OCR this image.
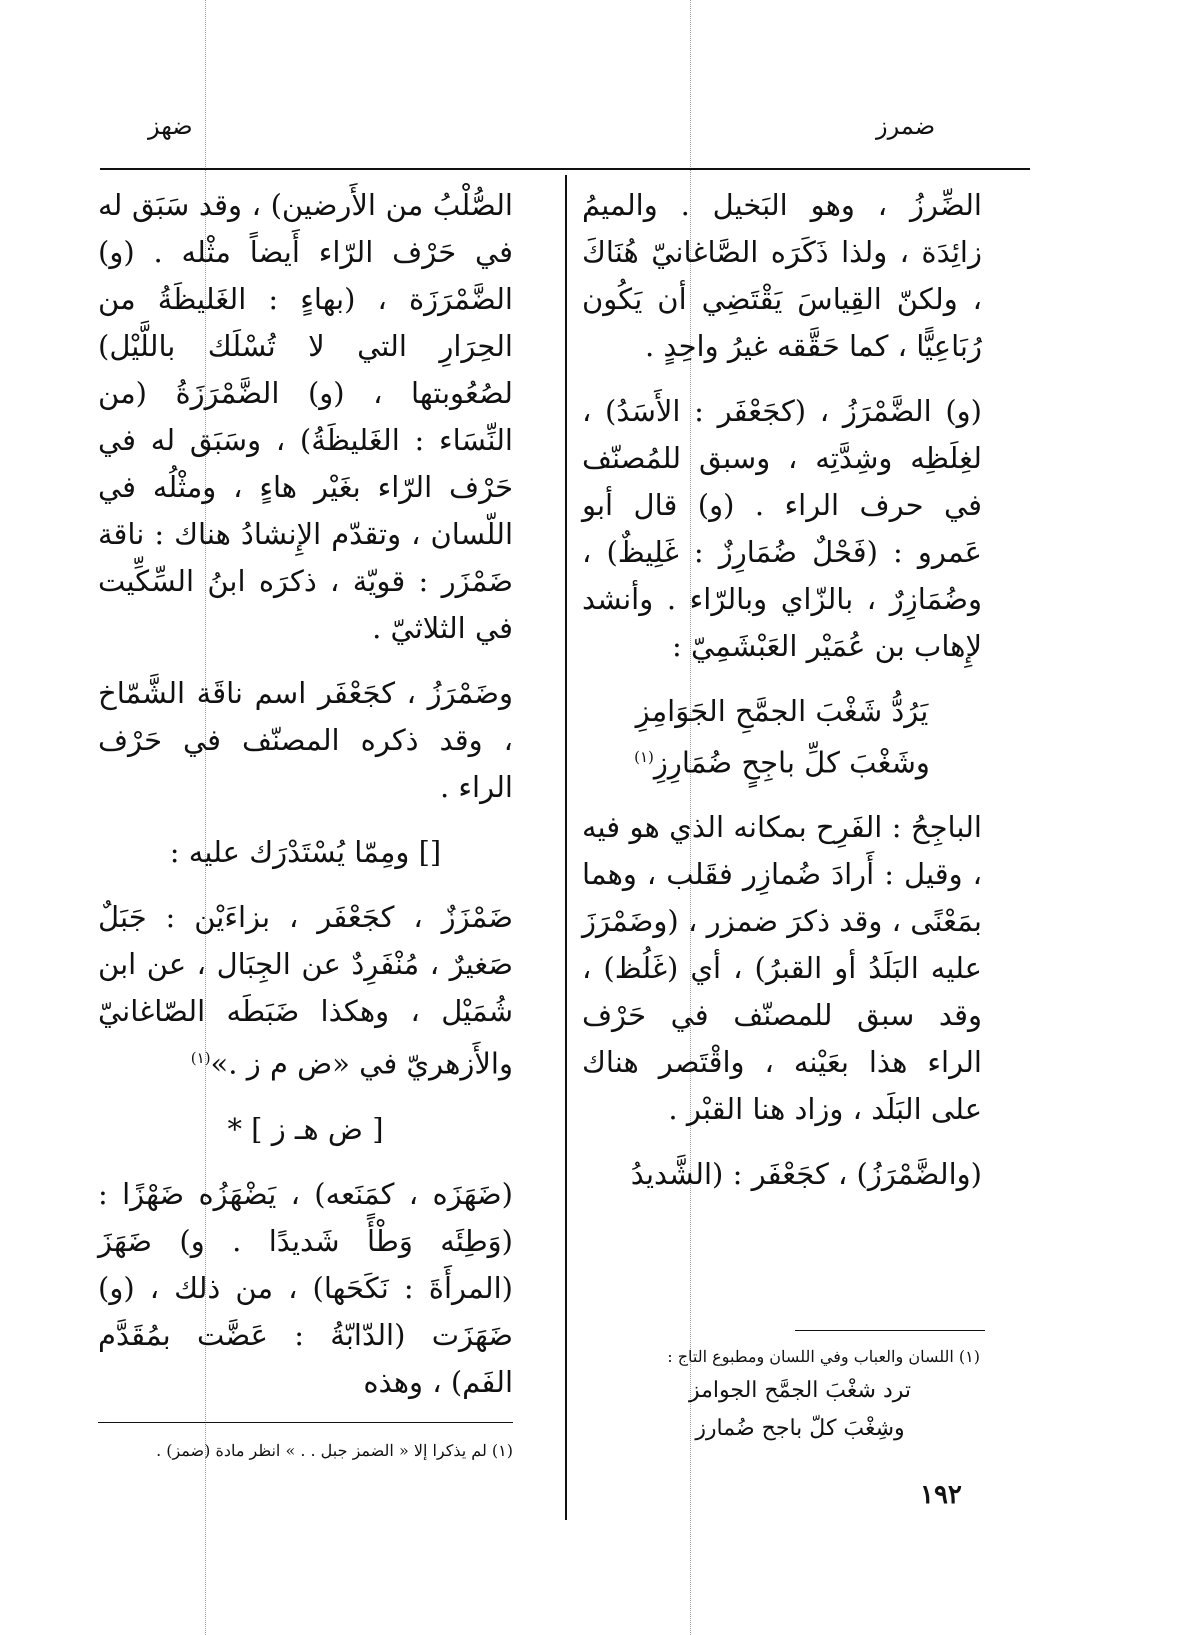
ضهز	ضمرز

الضِّرزُ ، وهو البَخيل . والميمُ زائِدَة ، ولذا ذَكَرَه الصَّاغانيّ هُنَاكَ ، ولكنّ القِياسَ يَقْتَضِي أن يَكُون رُبَاعِيًّا ، كما حَقَّقه غيرُ واحِدٍ .

(و) الضَّمْرَزُ ، (كجَعْفَر : الأَسَدُ) ، لغِلَظِه وشِدَّتِه ، وسبق للمُصنّف في حرف الراء . (و) قال أبو عَمرو : (فَحْلٌ ضُمَارِزٌ : غَلِيظٌ) ، وضُمَازِرٌ ، بالزّاي وبالرّاء . وأنشد لإِهاب بن عُمَيْر العَبْشَمِيّ :

يَرُدُّ شَغْبَ الجمَّحِ الجَوَامِزِ
وشَغْبَ كلِّ باجِحٍ ضُمَارِزِ$^{(١)}$

الباجِحُ : الفَرِح بمكانه الذي هو فيه ، وقيل : أَرادَ ضُمازِر فقَلب ، وهما بمَعْنًى ، وقد ذكرَ ضمزر ، (وضَمْرَزَ عليه البَلَدُ أو القبرُ) ، أي (غَلُظ) ، وقد سبق للمصنّف في حَرْف الراء هذا بعَيْنه ، واقْتَصر هناك على البَلَد ، وزاد هنا القبْر .

(والضَّمْرَزُ) ، كجَعْفَر : (الشَّديدُ

الصُّلْبُ من الأَرضين) ، وقد سَبَق له في حَرْف الرّاء أَيضاً مثْله . (و) الضَّمْرَزَة ، (بهاءٍ : الغَليظَةُ من الحِرَارِ التي لا تُسْلَك باللَّيْل) لصُعُوبتها ، (و) الضَّمْرَزَةُ (من النِّسَاء : الغَليظَةُ) ، وسَبَق له في حَرْف الرّاء بغَيْر هاءٍ ، ومثْلُه في اللّسان ، وتقدّم الإِنشادُ هناك : ناقة ضَمْزَر : قويّة ، ذكرَه ابنُ السِّكِّيت في الثلاثيّ .

وضَمْرَزُ ، كجَعْفَر اسم ناقَة الشَّمّاخ ، وقد ذكره المصنّف في حَرْف الراء .

[] ومِمّا يُسْتَدْرَك عليه :

ضَمْزَزٌ ، كجَعْفَر ، بزاءَيْن : جَبَلٌ صَغيرٌ ، مُنْفَرِدٌ عن الجِبَال ، عن ابن شُمَيْل ، وهكذا ضَبَطَه الصّاغانيّ والأَزهريّ في «ض م ز .»$^{(١)}$

[ ض هـ ز ] *

(ضَهَزَه ، كمَنَعه) ، يَضْهَزُه ضَهْزًا : (وَطِئَه وَطْأً شَديدًا . و) ضَهَزَ (المرأَةَ : نَكَحَها) ، من ذلك ، (و) ضَهَزَت (الدّابّةُ : عَضَّت بمُقَدَّم الفَم) ، وهذه

(١) اللسان والعباب وفي اللسان ومطبوع التاج :
ترد شغْبَ الجمَّح الجوامز
وشِغْبَ كلّ باجح ضُمارز
(١) لم يذكرا إلا « الضمز جبل . . » انظر مادة (ضمز) .
١٩٢
